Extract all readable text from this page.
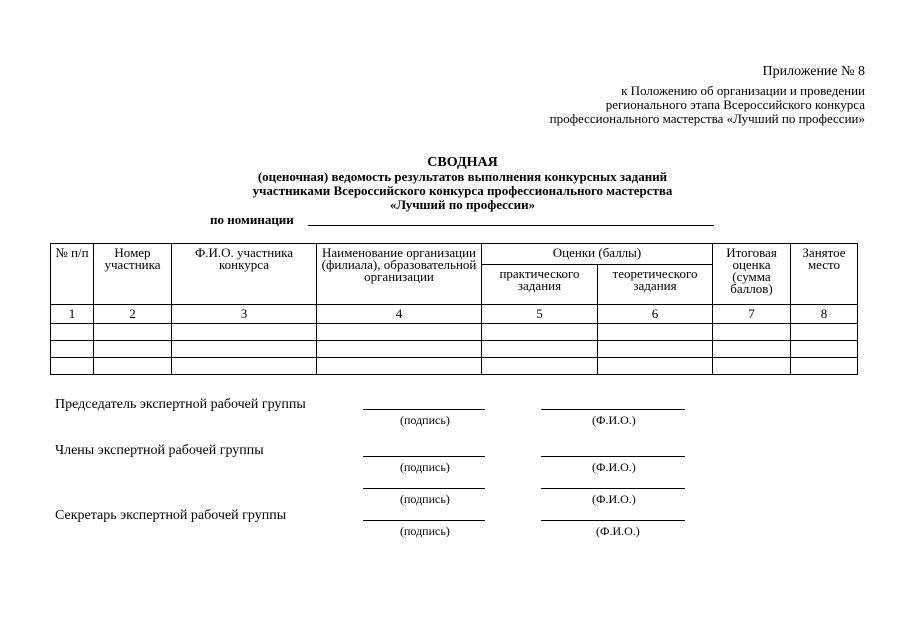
Приложение № 8
к Положению об организации и проведении
регионального этапа Всероссийского конкурса
профессионального мастерства «Лучший по профессии»
СВОДНАЯ
(оценочная) ведомость результатов выполнения конкурсных заданий
участниками Всероссийского конкурса профессионального мастерства
«Лучший по профессии»
по номинации
№ п/п	Номер участника	Ф.И.О. участника конкурса	Наименование организации (филиала), образовательной организации	Оценки (баллы)		Итоговая оценка (сумма баллов)	Занятое место
				практического задания	теоретического задания		
1	2	3	4	5	6	7	8

Председатель экспертной рабочей группы
(подпись)	(Ф.И.О.)
Члены экспертной рабочей группы
(подпись)	(Ф.И.О.)
(подпись)	(Ф.И.О.)
Секретарь экспертной рабочей группы
(подпись)	(Ф.И.О.)
